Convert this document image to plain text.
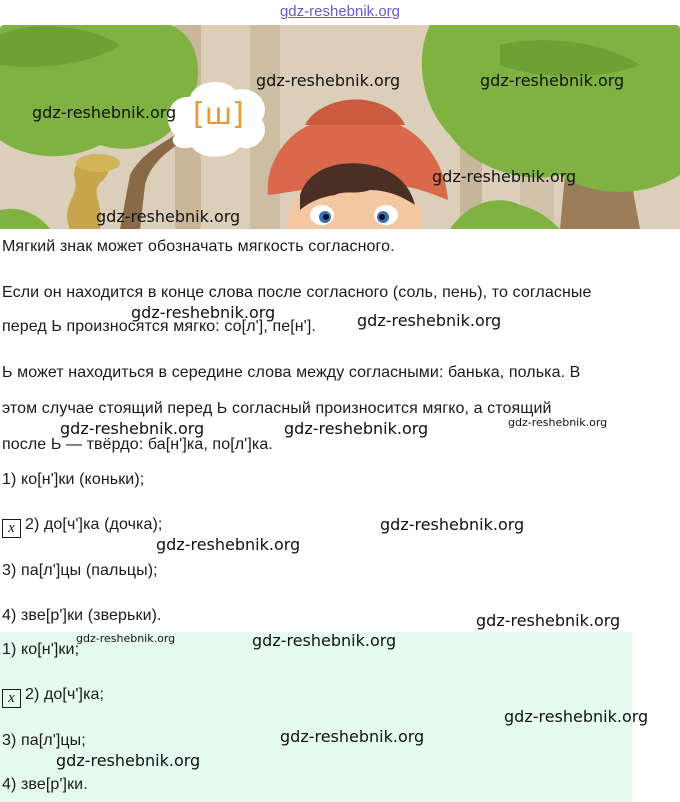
gdz-reshebnik.org
[ш]
Мягкий знак может обозначать мягкость согласного.
Если он находится в конце слова после согласного (соль, пень), то согласные
перед Ь произносятся мягко: со[л'], пе[н'].
Ь может находиться в середине слова между согласными: банька, полька. В
этом случае стоящий перед Ь согласный произносится мягко, а стоящий
после Ь — твёрдо: ба[н']ка, по[л']ка.
1) ко[н']ки (коньки);
x 2) до[ч']ка (дочка);
3) па[л']цы (пальцы);
4) зве[р']ки (зверьки).
1) ко[н']ки;
x 2) до[ч']ка;
3) па[л']цы;
4) зве[р']ки.
gdz-reshebnik.org	gdz-reshebnik.org
gdz-reshebnik.org
gdz-reshebnik.org
gdz-reshebnik.org
gdz-reshebnik.org	gdz-reshebnik.org
gdz-reshebnik.org	gdz-reshebnik.org	gdz-reshebnik.org
gdz-reshebnik.org
gdz-reshebnik.org
gdz-reshebnik.org
gdz-reshebnik.org	gdz-reshebnik.org
gdz-reshebnik.org
gdz-reshebnik.org
gdz-reshebnik.org
